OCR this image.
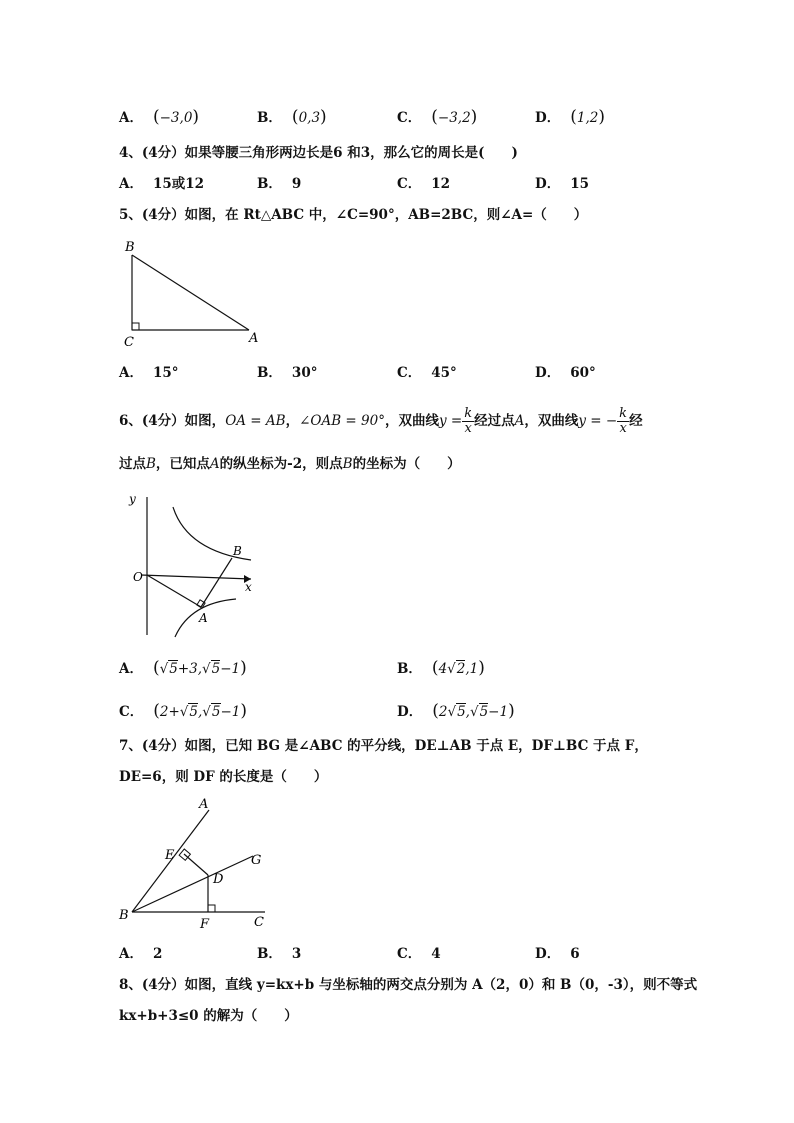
A． (−3,0)	B． (0,3)	C． (−3,2)	D． (1,2)
4、(4分）如果等腰三角形两边长是6 和3，那么它的周长是(　　)
A． 15或12	B． 9	C． 12	D． 15
5、(4分）如图，在 Rt△ABC 中，∠C=90°，AB=2BC，则∠A=（　　）
B
C	A
A． 15°	B． 30°	C． 45°	D． 60°
6、(4分）如图，OA = AB，∠OAB = 90°，双曲线$y = \frac{k}{x}$ 经过点A，双曲线y = − $\frac{k}{x}$ 经
过点B，已知点A的纵坐标为-2，则点B的坐标为（　　）
y
O
x
B
A
A． (√5+3,√5−1)	B． (4√2,1)
C． (2+√5,√5−1)	D． (2√5,√5−1)
7、(4分）如图，已知 BG 是∠ABC 的平分线，DE⊥AB 于点 E，DF⊥BC 于点 F，
DE=6，则 DF 的长度是（　　）
A
E	G
D
B
F	C
A． 2	B． 3	C． 4	D． 6
8、(4分）如图，直线 y=kx+b 与坐标轴的两交点分别为 A（2，0）和 B（0，-3），则不等式
kx+b+3≤0 的解为（　　）
